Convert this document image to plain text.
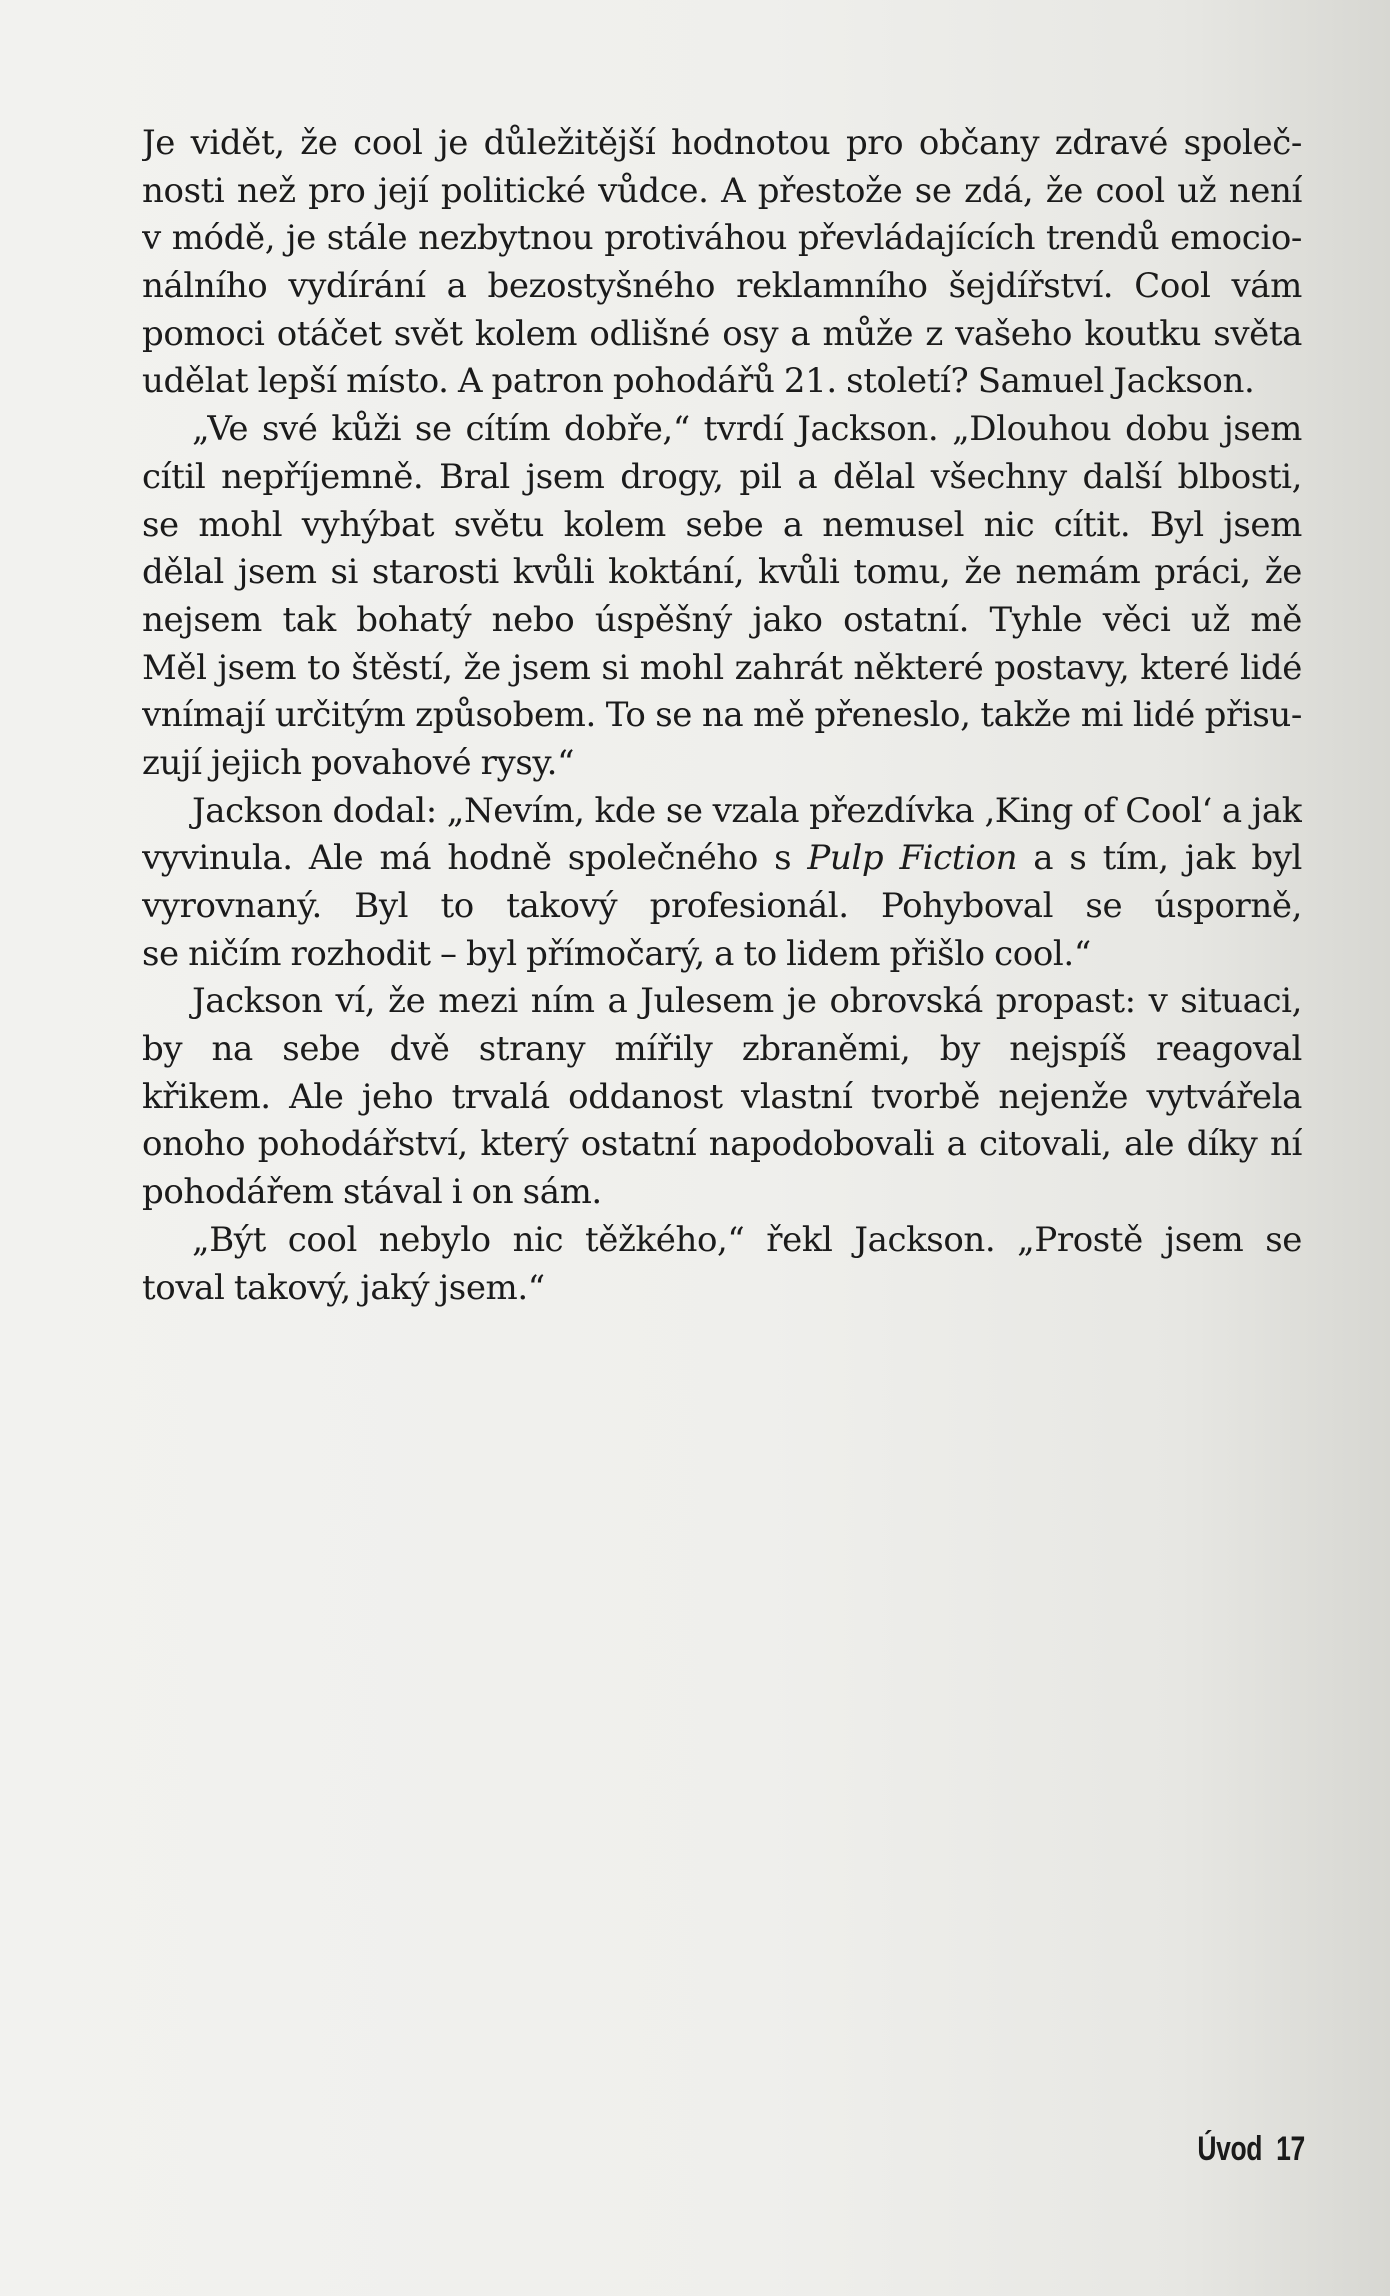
Je vidět, že cool je důležitější hodnotou pro občany zdravé společ-
nosti než pro její politické vůdce. A přestože se zdá, že cool už není
v módě, je stále nezbytnou protiváhou převládajících trendů emocio-
nálního vydírání a bezostyšného reklamního šejdířství. Cool vám
pomoci otáčet svět kolem odlišné osy a může z vašeho koutku světa
udělat lepší místo. A patron pohodářů 21. století? Samuel Jackson.
„Ve své kůži se cítím dobře,“ tvrdí Jackson. „Dlouhou dobu jsem
cítil nepříjemně. Bral jsem drogy, pil a dělal všechny další blbosti,
se mohl vyhýbat světu kolem sebe a nemusel nic cítit. Byl jsem
dělal jsem si starosti kvůli koktání, kvůli tomu, že nemám práci, že
nejsem tak bohatý nebo úspěšný jako ostatní. Tyhle věci už mě
Měl jsem to štěstí, že jsem si mohl zahrát některé postavy, které lidé
vnímají určitým způsobem. To se na mě přeneslo, takže mi lidé přisu-
zují jejich povahové rysy.“
Jackson dodal: „Nevím, kde se vzala přezdívka ‚King of Cool‘ a jak
vyvinula. Ale má hodně společného s Pulp Fiction a s tím, jak byl
vyrovnaný. Byl to takový profesionál. Pohyboval se úsporně,
se ničím rozhodit – byl přímočarý, a to lidem přišlo cool.“
Jackson ví, že mezi ním a Julesem je obrovská propast: v situaci,
by na sebe dvě strany mířily zbraněmi, by nejspíš reagoval
křikem. Ale jeho trvalá oddanost vlastní tvorbě nejenže vytvářela
onoho pohodářství, který ostatní napodobovali a citovali, ale díky ní
pohodářem stával i on sám.
„Být cool nebylo nic těžkého,“ řekl Jackson. „Prostě jsem se
toval takový, jaký jsem.“
Úvod 17
